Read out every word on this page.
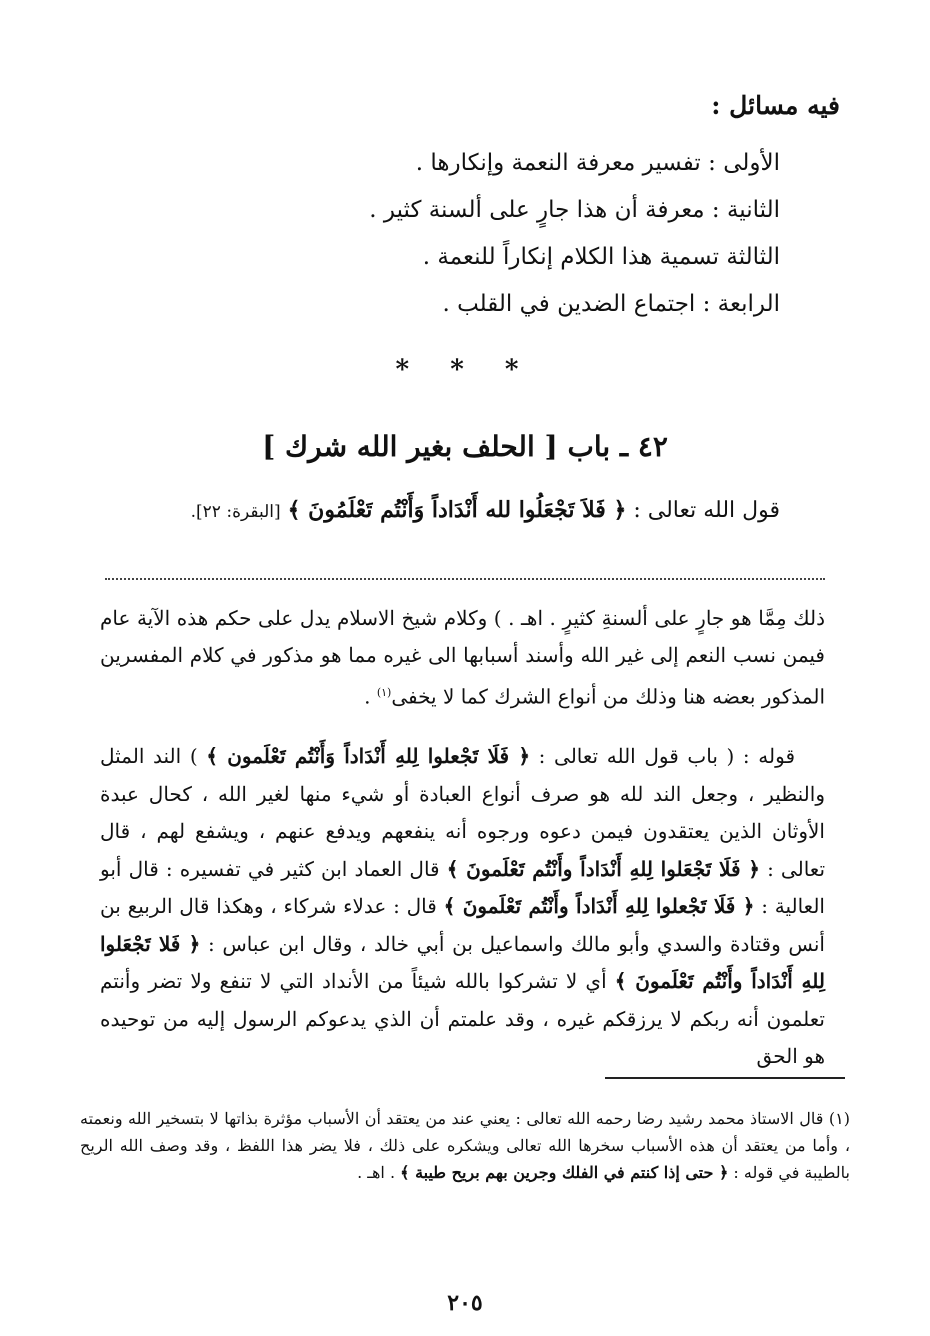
فيه مسائل :
الأولى : تفسير معرفة النعمة وإنكارها .
الثانية : معرفة أن هذا جارٍ على ألسنة كثير .
الثالثة تسمية هذا الكلام إنكاراً للنعمة .
الرابعة : اجتماع الضدين في القلب .
* * *
٤٢ ـ باب [ الحلف بغير الله شرك ]
قول الله تعالى : ﴿ فَلاَ تَجْعَلُوا لله أَنْدَاداً وَأَنْتُم تَعْلَمُونَ ﴾ [البقرة: ٢٢].
ذلك مِمَّا هو جارٍ على ألسنةِ كثيرٍ . اهـ . ) وكلام شيخ الاسلام يدل على حكم هذه الآية عام فيمن نسب النعم إلى غير الله وأسند أسبابها الى غيره مما هو مذكور في كلام المفسرين المذكور بعضه هنا وذلك من أنواع الشرك كما لا يخفى$^{(١)}$ .
قوله : ( باب قول الله تعالى : ﴿ فَلَا تَجْعلوا لِلهِ أَنْدَاداً وَأَنْتُم تَعْلَمون ﴾ ) الند المثل والنظير ، وجعل الند لله هو صرف أنواع العبادة أو شيء منها لغير الله ، كحال عبدة الأوثان الذين يعتقدون فيمن دعوه ورجوه أنه ينفعهم ويدفع عنهم ، ويشفع لهم ، قال تعالى : ﴿ فَلَا تَجْعَلوا لِلهِ أَنْدَاداً وأَنْتُم تَعْلَمونَ ﴾ قال العماد ابن كثير في تفسيره : قال أبو العالية : ﴿ فَلَا تَجْعلوا لِلهِ أَنْدَاداً وأَنْتُم تَعْلَمونَ ﴾ قال : عدلاء شركاء ، وهكذا قال الربيع بن أنس وقتادة والسدي وأبو مالك واسماعيل بن أبي خالد ، وقال ابن عباس : ﴿ فَلا تَجْعَلوا لِلهِ أَنْدَاداً وأَنْتُم تَعْلَمونَ ﴾ أي لا تشركوا بالله شيئاً من الأنداد التي لا تنفع ولا تضر وأنتم تعلمون أنه ربكم لا يرزقكم غيره ، وقد علمتم أن الذي يدعوكم الرسول إليه من توحيده هو الحق
(١) قال الاستاذ محمد رشيد رضا رحمه الله تعالى : يعني عند من يعتقد أن الأسباب مؤثرة بذاتها لا بتسخير الله ونعمته ، وأما من يعتقد أن هذه الأسباب سخرها الله تعالى ويشكره على ذلك ، فلا يضر هذا اللفظ ، وقد وصف الله الريح بالطيبة في قوله : ﴿ حتى إذا كنتم في الفلك وجرين بهم بريح طيبة ﴾ . اهـ .
٢٠٥
